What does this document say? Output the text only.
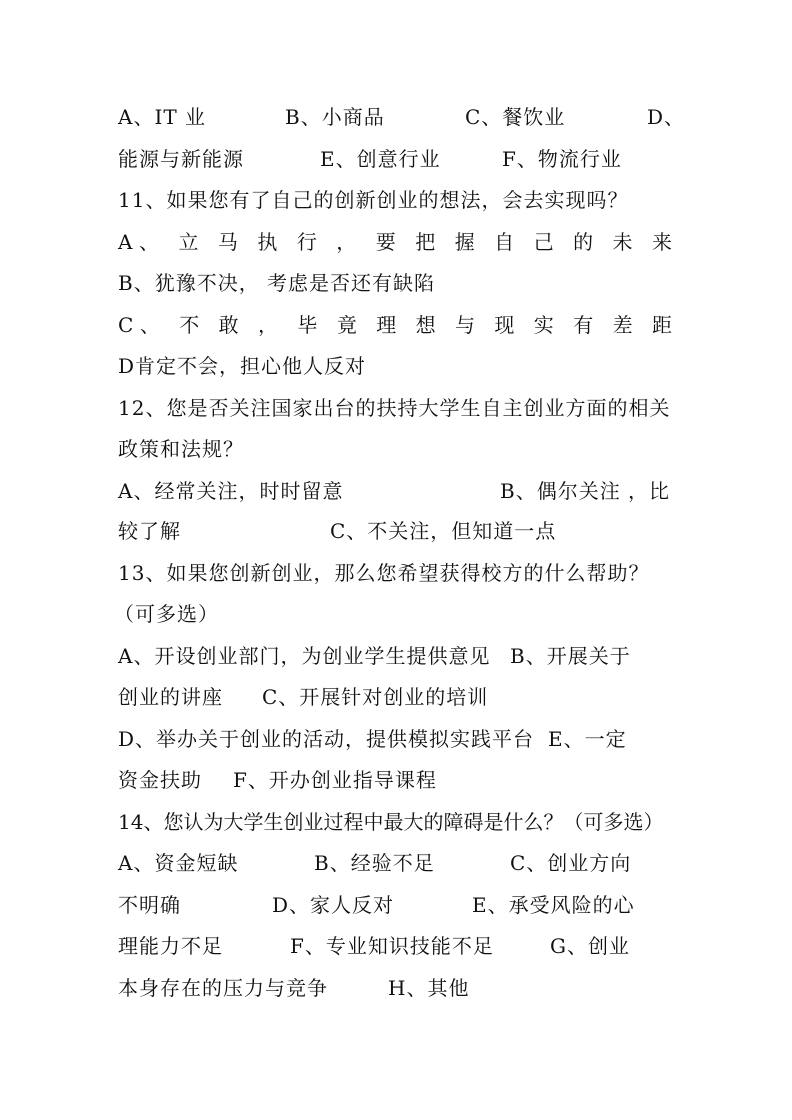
A、IT 业	B、小商品	C、餐饮业	D、
能源与新能源	E、创意行业	F、物流行业
11、如果您有了自己的创新创业的想法，会去实现吗？
A、 立 马 执 行 ， 要 把 握 自 己 的 未 来
B、犹豫不决， 考虑是否还有缺陷
C、 不 敢 ， 毕 竟 理 想 与 现 实 有 差 距
D肯定不会，担心他人反对
12、您是否关注国家出台的扶持大学生自主创业方面的相关
政策和法规？
A、经常关注，时时留意	B、偶尔关注 ，比
较了解	C、不关注，但知道一点
13、如果您创新创业，那么您希望获得校方的什么帮助？
（可多选）
A、开设创业部门，为创业学生提供意见 B、开展关于
创业的讲座 C、开展针对创业的培训
D、举办关于创业的活动，提供模拟实践平台 E、一定
资金扶助 F、开办创业指导课程
14、您认为大学生创业过程中最大的障碍是什么？（可多选）
A、资金短缺	B、经验不足	C、创业方向
不明确	D、家人反对	E、承受风险的心
理能力不足	F、专业知识技能不足	G、创业
本身存在的压力与竞争	H、其他
